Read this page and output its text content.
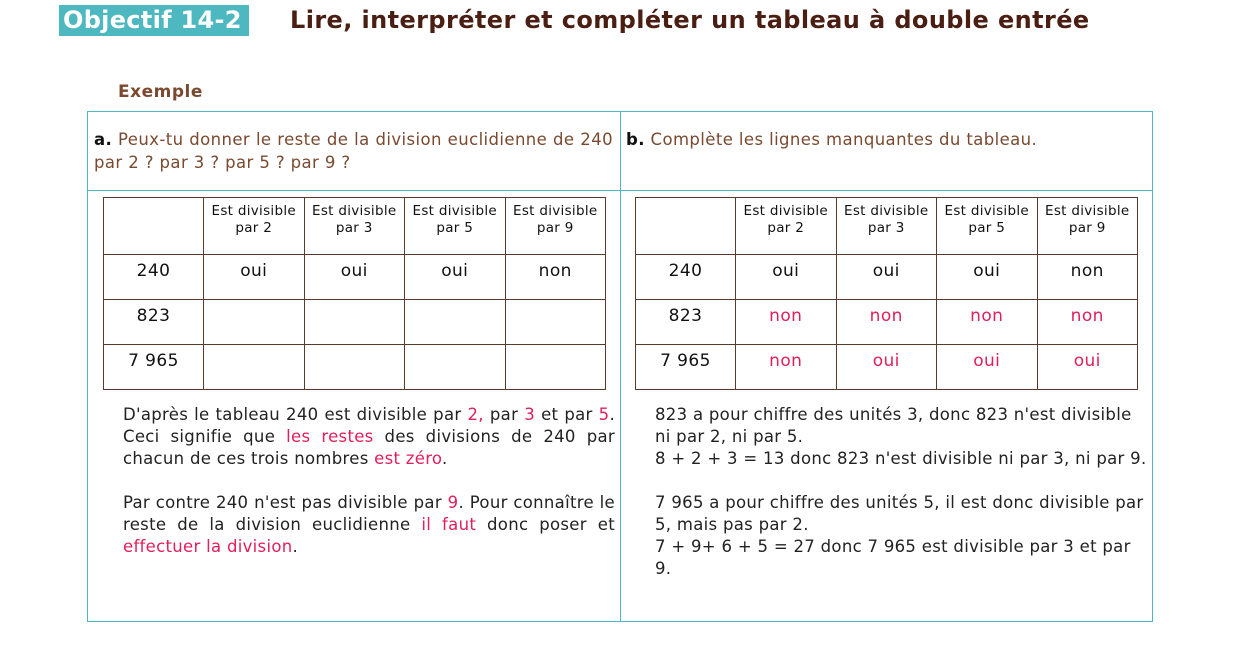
Objectif 14-2 Lire, interpréter et compléter un tableau à double entrée
Exemple
a. Peux-tu donner le reste de la division euclidienne de 240 par 2 ? par 3 ? par 5 ? par 9 ?
b. Complète les lignes manquantes du tableau.
	Est divisible
par 2	Est divisible
par 3	Est divisible
par 5	Est divisible
par 9
240	oui	oui	oui	non
823				
7 965				
	Est divisible
par 2	Est divisible
par 3	Est divisible
par 5	Est divisible
par 9
240	oui	oui	oui	non
823	non	non	non	non
7 965	non	oui	oui	oui

D'après le tableau 240 est divisible par 2, par 3 et par 5. Ceci signifie que les restes des divisions de 240 par chacun de ces trois nombres est zéro.

Par contre 240 n'est pas divisible par 9. Pour connaître le reste de la division euclidienne il faut donc poser et effectuer la division.

823 a pour chiffre des unités 3, donc 823 n'est divisible ni par 2, ni par 5.
8 + 2 + 3 = 13 donc 823 n'est divisible ni par 3, ni par 9.

7 965 a pour chiffre des unités 5, il est donc divisible par 5, mais pas par 2.
7 + 9+ 6 + 5 = 27 donc 7 965 est divisible par 3 et par 9.
